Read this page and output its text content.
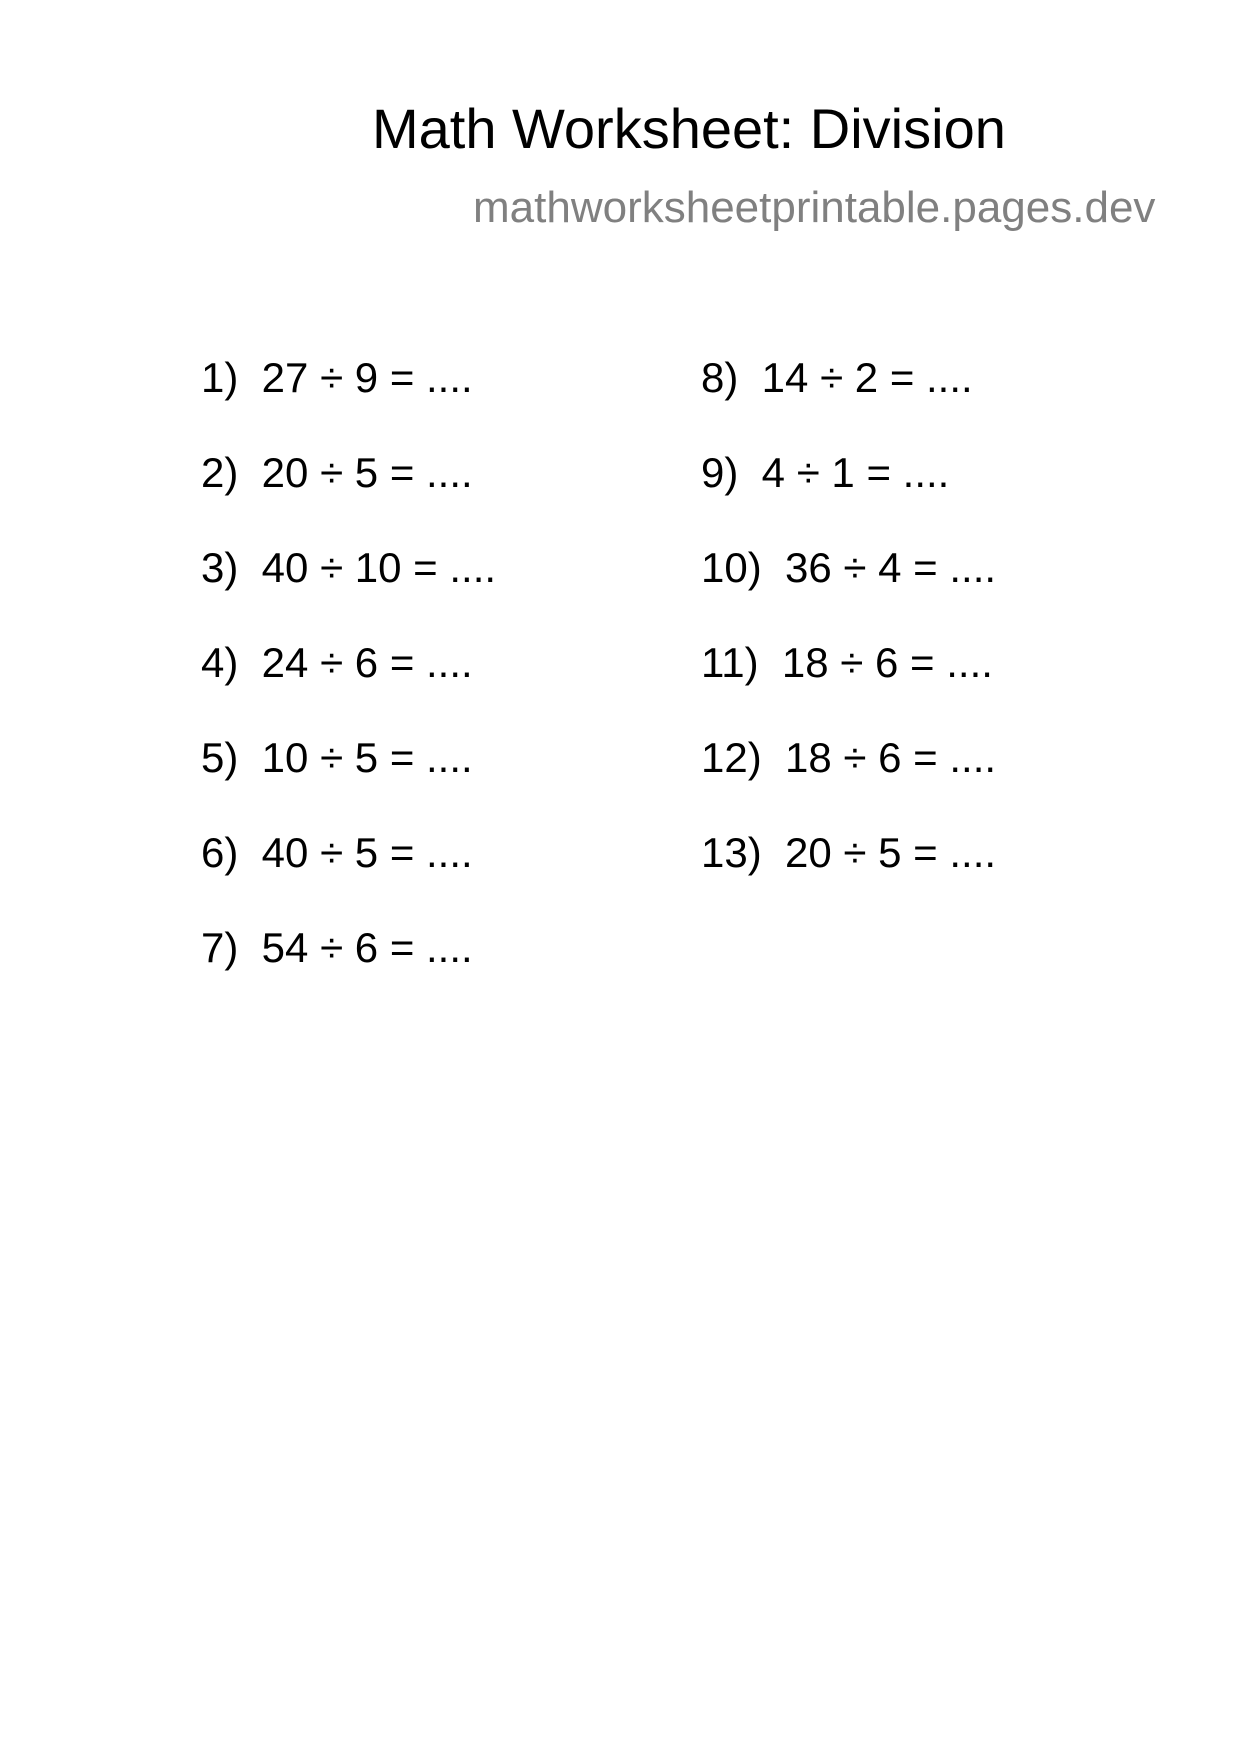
Math Worksheet: Division
mathworksheetprintable.pages.dev
1)  27 ÷ 9 = ....
2)  20 ÷ 5 = ....
3)  40 ÷ 10 = ....
4)  24 ÷ 6 = ....
5)  10 ÷ 5 = ....
6)  40 ÷ 5 = ....
7)  54 ÷ 6 = ....
8)  14 ÷ 2 = ....
9)  4 ÷ 1 = ....
10)  36 ÷ 4 = ....
11)  18 ÷ 6 = ....
12)  18 ÷ 6 = ....
13)  20 ÷ 5 = ....
